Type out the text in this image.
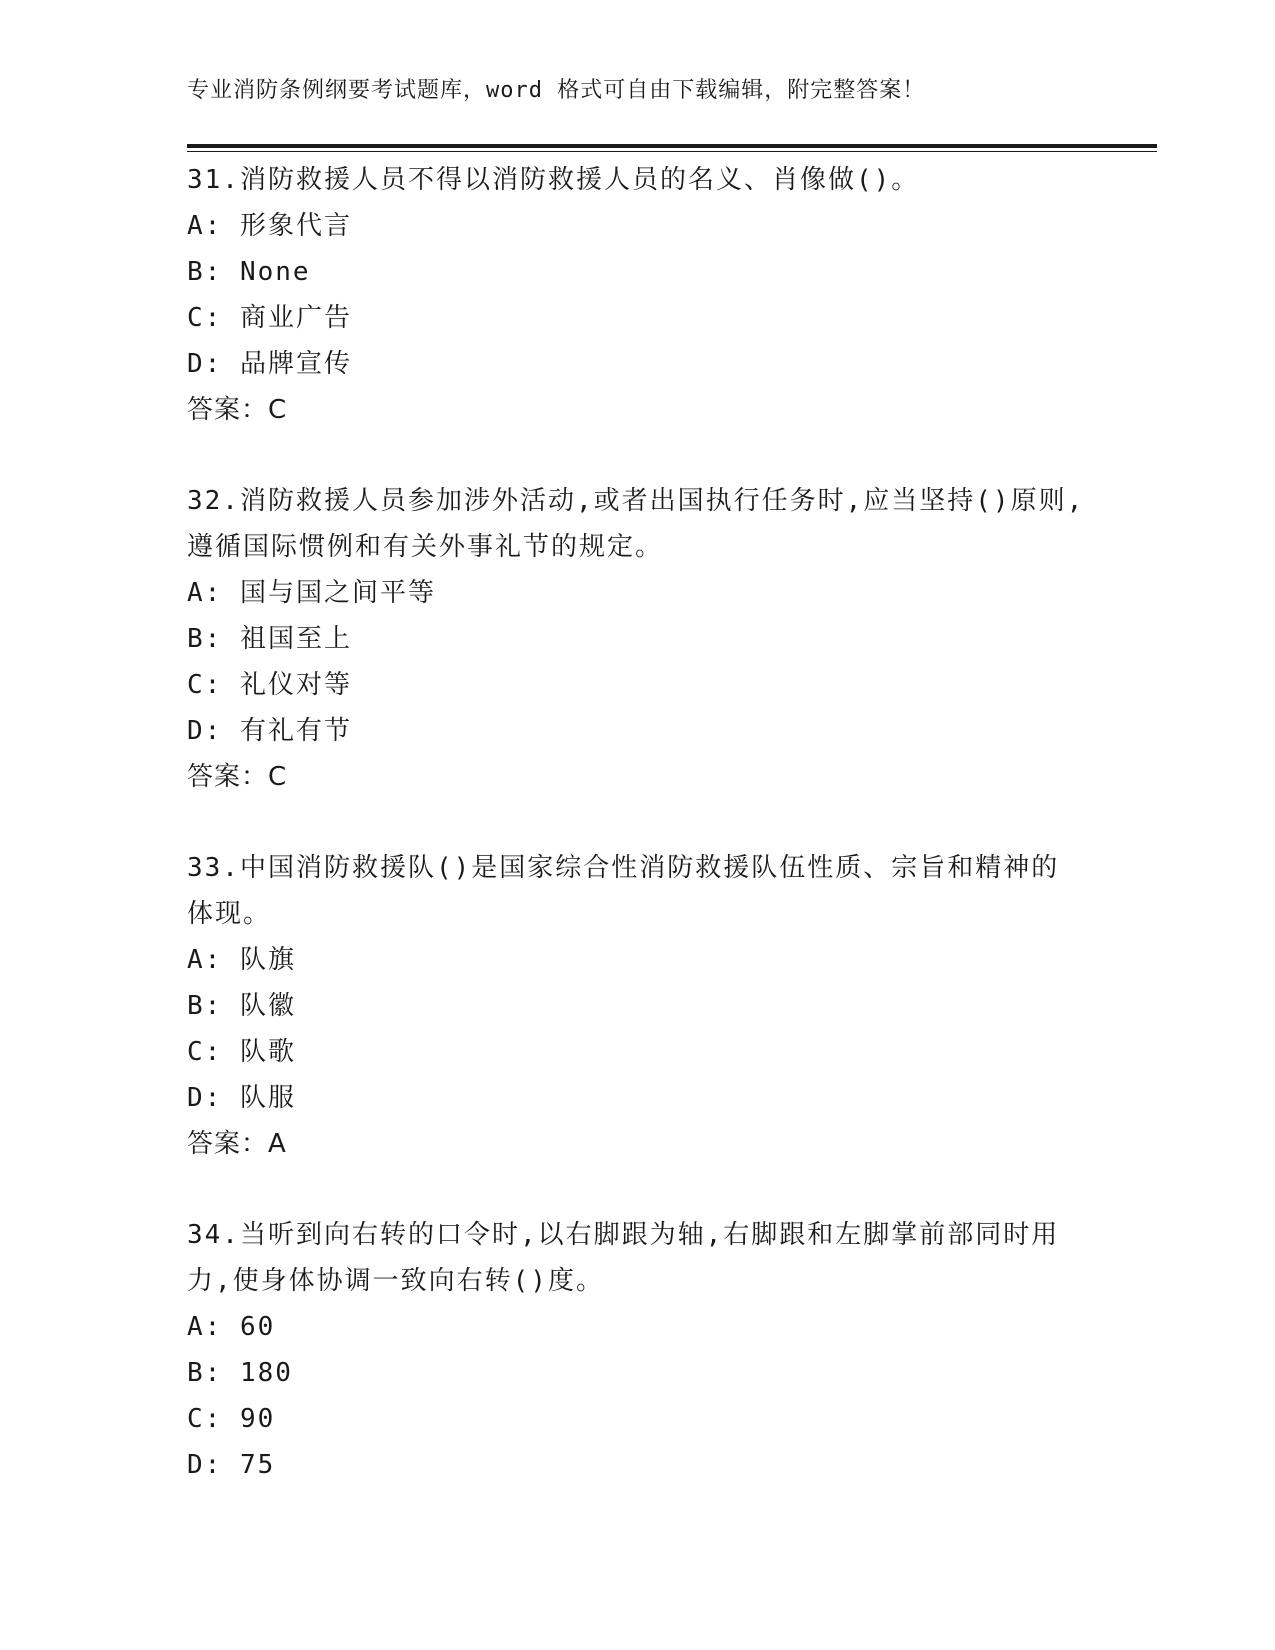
专业消防条例纲要考试题库，word 格式可自由下载编辑，附完整答案！
31.消防救援人员不得以消防救援人员的名义、肖像做()。
A: 形象代言
B: None
C: 商业广告
D: 品牌宣传
答案：C
32.消防救援人员参加涉外活动,或者出国执行任务时,应当坚持()原则,遵循国际惯例和有关外事礼节的规定。
A: 国与国之间平等
B: 祖国至上
C: 礼仪对等
D: 有礼有节
答案：C
33.中国消防救援队()是国家综合性消防救援队伍性质、宗旨和精神的体现。
A: 队旗
B: 队徽
C: 队歌
D: 队服
答案：A
34.当听到向右转的口令时,以右脚跟为轴,右脚跟和左脚掌前部同时用力,使身体协调一致向右转()度。
A: 60
B: 180
C: 90
D: 75
